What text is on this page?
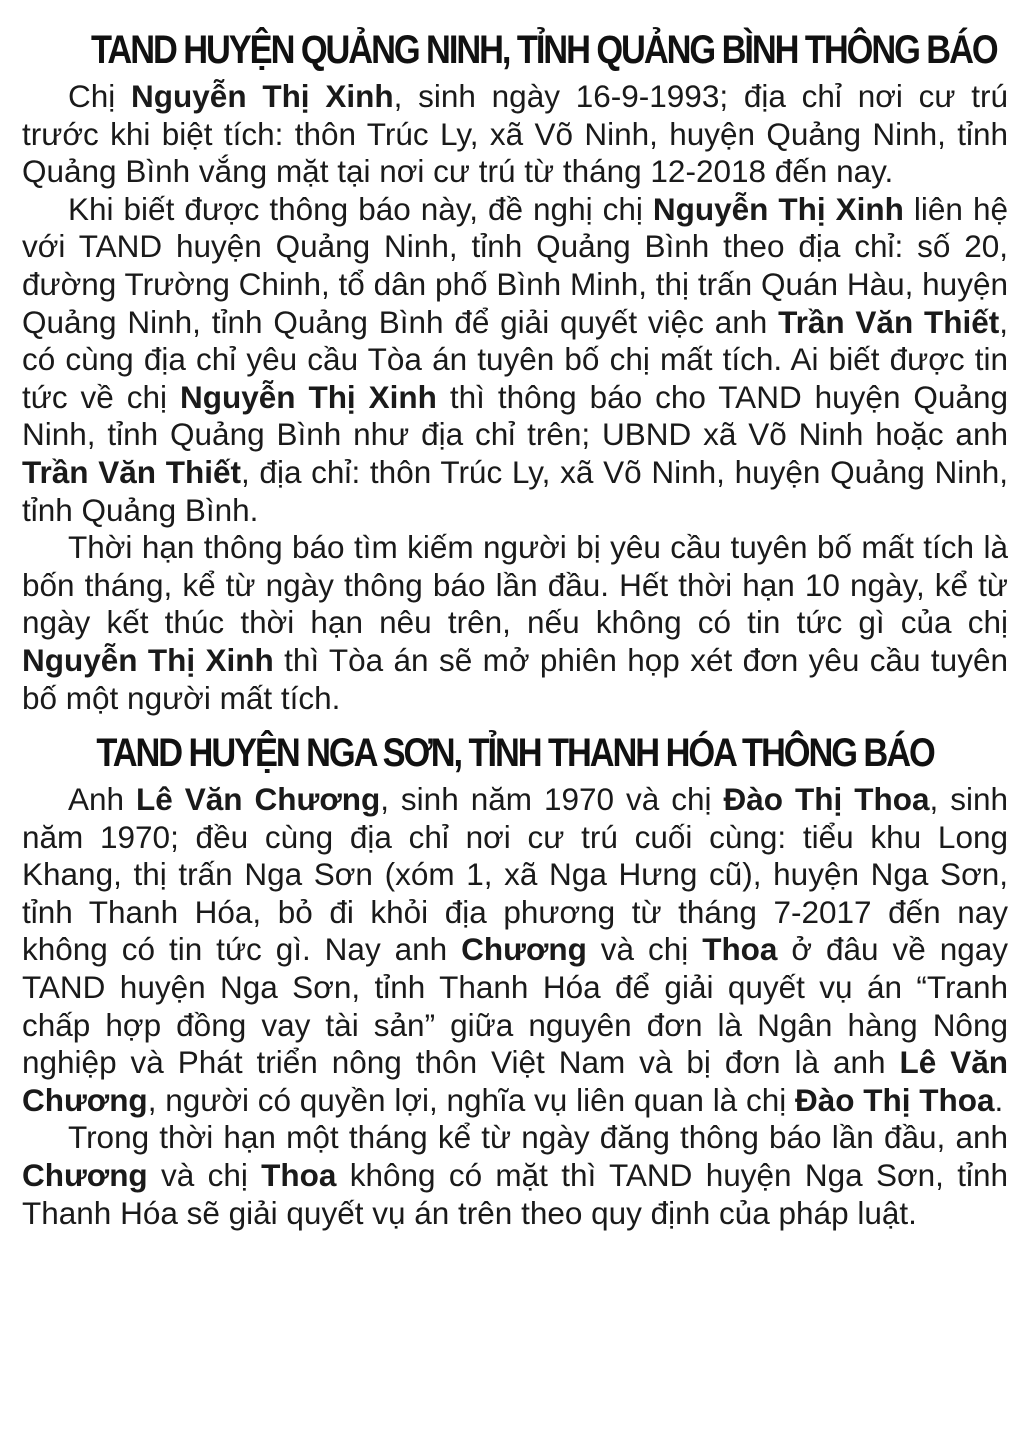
TAND HUYỆN QUẢNG NINH, TỈNH QUẢNG BÌNH THÔNG BÁO

Chị Nguyễn Thị Xinh, sinh ngày 16-9-1993; địa chỉ nơi cư trú trước khi biệt tích: thôn Trúc Ly, xã Võ Ninh, huyện Quảng Ninh, tỉnh Quảng Bình vắng mặt tại nơi cư trú từ tháng 12-2018 đến nay.

Khi biết được thông báo này, đề nghị chị Nguyễn Thị Xinh liên hệ với TAND huyện Quảng Ninh, tỉnh Quảng Bình theo địa chỉ: số 20, đường Trường Chinh, tổ dân phố Bình Minh, thị trấn Quán Hàu, huyện Quảng Ninh, tỉnh Quảng Bình để giải quyết việc anh Trần Văn Thiết, có cùng địa chỉ yêu cầu Tòa án tuyên bố chị mất tích. Ai biết được tin tức về chị Nguyễn Thị Xinh thì thông báo cho TAND huyện Quảng Ninh, tỉnh Quảng Bình như địa chỉ trên; UBND xã Võ Ninh hoặc anh Trần Văn Thiết, địa chỉ: thôn Trúc Ly, xã Võ Ninh, huyện Quảng Ninh, tỉnh Quảng Bình.

Thời hạn thông báo tìm kiếm người bị yêu cầu tuyên bố mất tích là bốn tháng, kể từ ngày thông báo lần đầu. Hết thời hạn 10 ngày, kể từ ngày kết thúc thời hạn nêu trên, nếu không có tin tức gì của chị Nguyễn Thị Xinh thì Tòa án sẽ mở phiên họp xét đơn yêu cầu tuyên bố một người mất tích.

TAND HUYỆN NGA SƠN, TỈNH THANH HÓA THÔNG BÁO

Anh Lê Văn Chương, sinh năm 1970 và chị Đào Thị Thoa, sinh năm 1970; đều cùng địa chỉ nơi cư trú cuối cùng: tiểu khu Long Khang, thị trấn Nga Sơn (xóm 1, xã Nga Hưng cũ), huyện Nga Sơn, tỉnh Thanh Hóa, bỏ đi khỏi địa phương từ tháng 7-2017 đến nay không có tin tức gì. Nay anh Chương và chị Thoa ở đâu về ngay TAND huyện Nga Sơn, tỉnh Thanh Hóa để giải quyết vụ án “Tranh chấp hợp đồng vay tài sản” giữa nguyên đơn là Ngân hàng Nông nghiệp và Phát triển nông thôn Việt Nam và bị đơn là anh Lê Văn Chương, người có quyền lợi, nghĩa vụ liên quan là chị Đào Thị Thoa.

Trong thời hạn một tháng kể từ ngày đăng thông báo lần đầu, anh Chương và chị Thoa không có mặt thì TAND huyện Nga Sơn, tỉnh Thanh Hóa sẽ giải quyết vụ án trên theo quy định của pháp luật.
